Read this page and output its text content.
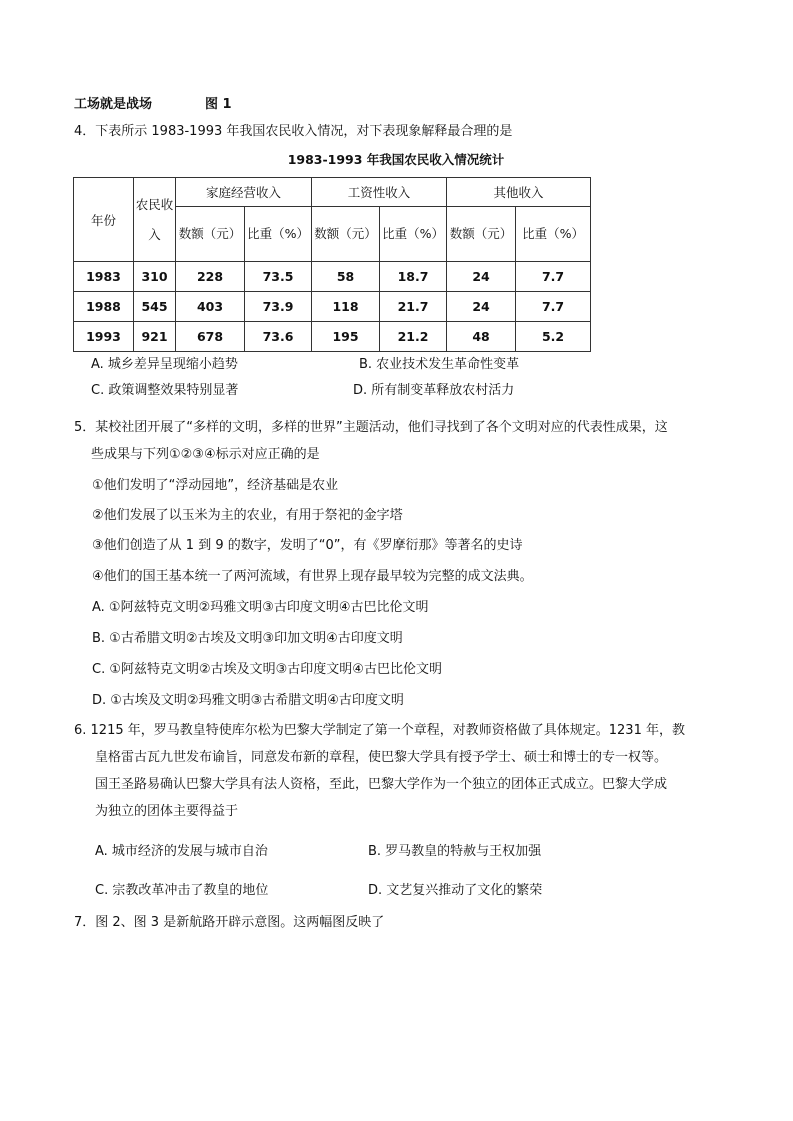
工场就是战场	图 1
4．下表所示 1983-1993 年我国农民收入情况，对下表现象解释最合理的是
1983-1993 年我国农民收入情况统计
年份	农民收入	家庭经营收入		工资性收入		其他收入	
		数额（元）	比重（%）	数额（元）	比重（%）	数额（元）	比重（%）
1983	310	228	73.5	58	18.7	24	7.7
1988	545	403	73.9	118	21.7	24	7.7
1993	921	678	73.6	195	21.2	48	5.2
A. 城乡差异呈现缩小趋势	B. 农业技术发生革命性变革
C. 政策调整效果特别显著	D. 所有制变革释放农村活力
5．某校社团开展了“多样的文明，多样的世界”主题活动，他们寻找到了各个文明对应的代表性成果，这
些成果与下列①②③④标示对应正确的是
①他们发明了“浮动园地”，经济基础是农业
②他们发展了以玉米为主的农业，有用于祭祀的金字塔
③他们创造了从 1 到 9 的数字，发明了“0”，有《罗摩衍那》等著名的史诗
④他们的国王基本统一了两河流域，有世界上现存最早较为完整的成文法典。
A. ①阿兹特克文明②玛雅文明③古印度文明④古巴比伦文明
B. ①古希腊文明②古埃及文明③印加文明④古印度文明
C. ①阿兹特克文明②古埃及文明③古印度文明④古巴比伦文明
D. ①古埃及文明②玛雅文明③古希腊文明④古印度文明
6. 1215 年，罗马教皇特使库尔松为巴黎大学制定了第一个章程，对教师资格做了具体规定。1231 年，教
皇格雷古瓦九世发布谕旨，同意发布新的章程，使巴黎大学具有授予学士、硕士和博士的专一权等。
国王圣路易确认巴黎大学具有法人资格，至此，巴黎大学作为一个独立的团体正式成立。巴黎大学成
为独立的团体主要得益于
A. 城市经济的发展与城市自治	B. 罗马教皇的特赦与王权加强
C. 宗教改革冲击了教皇的地位	D. 文艺复兴推动了文化的繁荣
7．图 2、图 3 是新航路开辟示意图。这两幅图反映了
